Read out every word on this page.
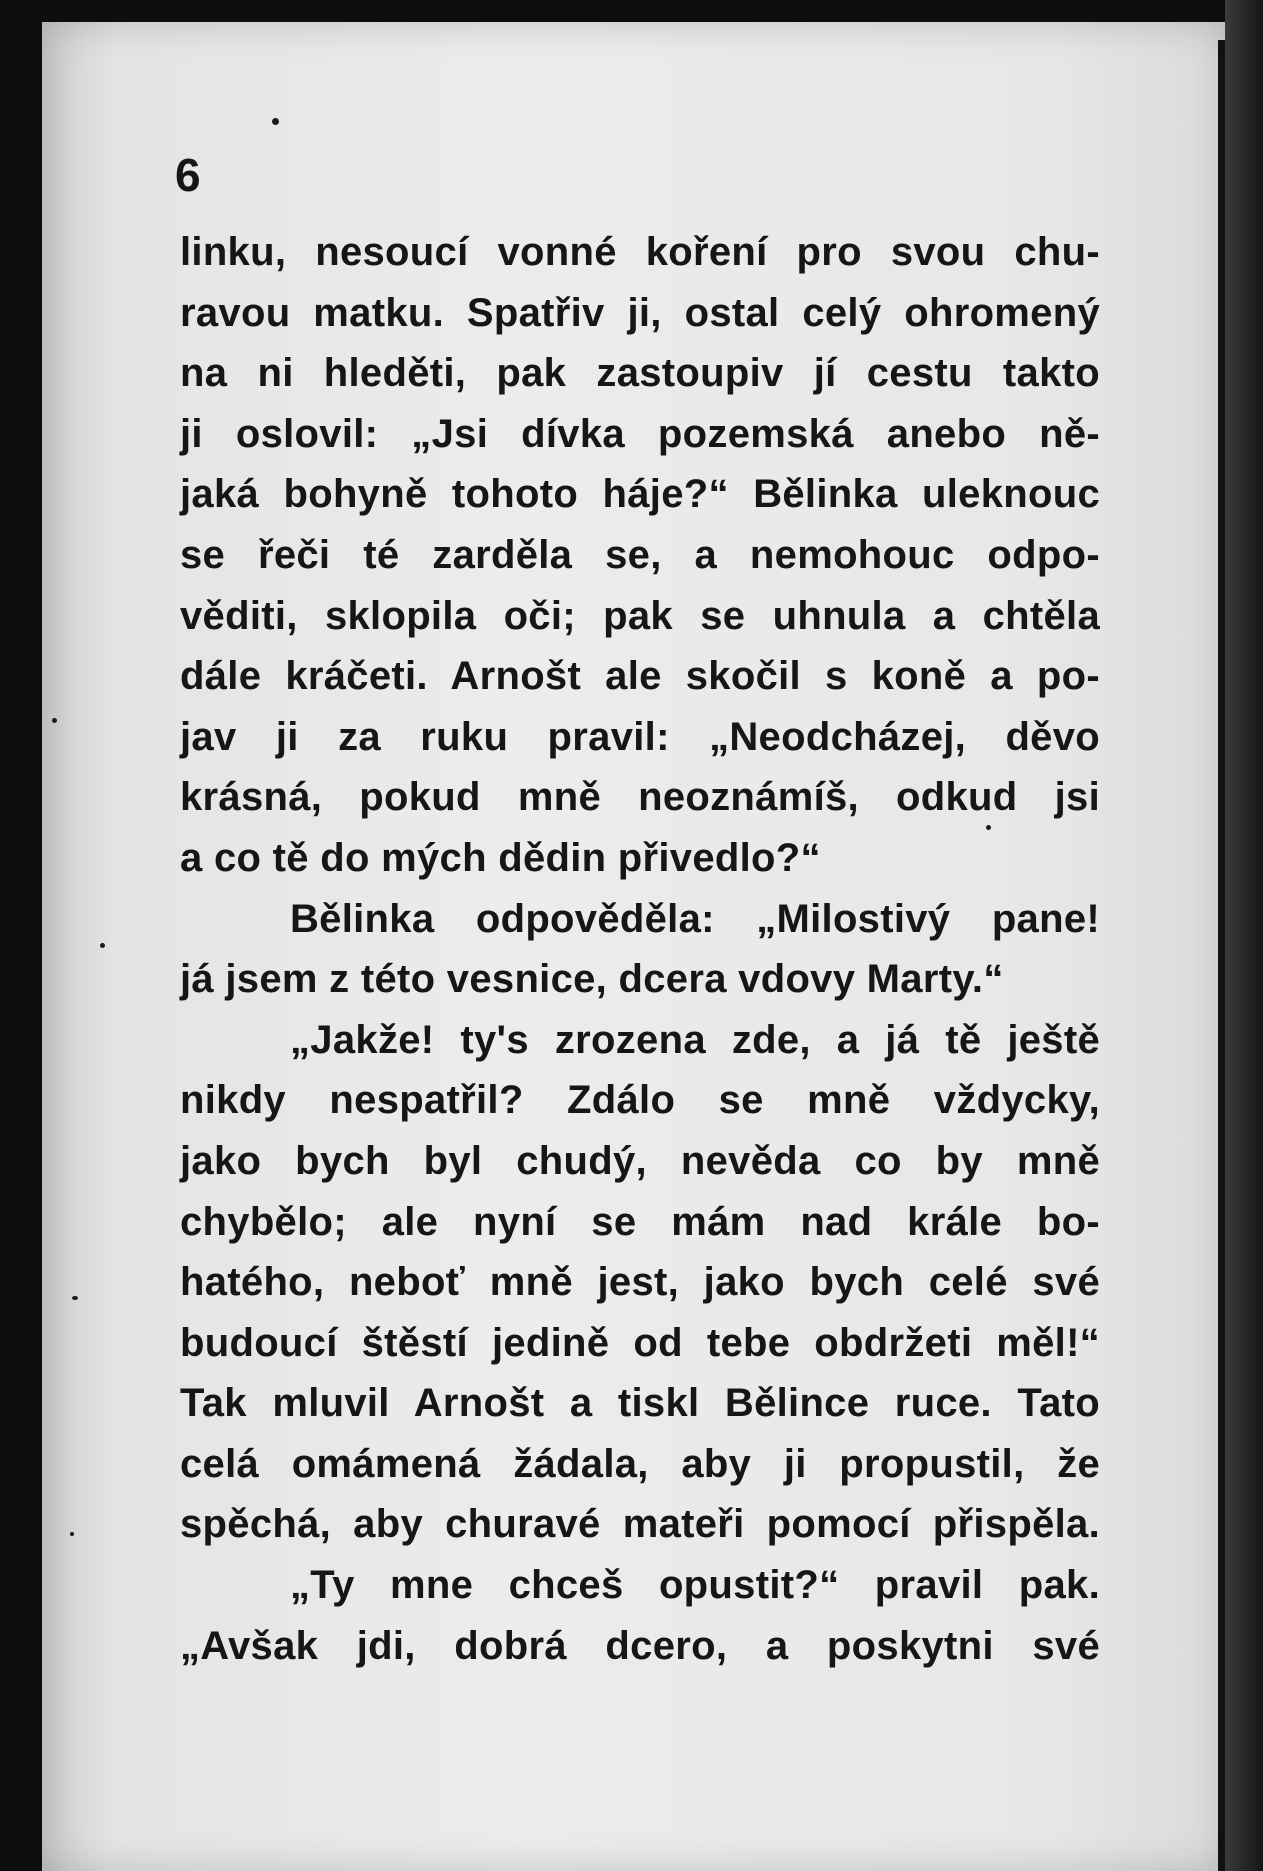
6
linku, nesoucí vonné koření pro svou chu-
ravou matku. Spatřiv ji, ostal celý ohromený
na ni hleděti, pak zastoupiv jí cestu takto
ji oslovil: „Jsi dívka pozemská anebo ně-
jaká bohyně tohoto háje?“ Bělinka uleknouc
se řeči té zarděla se, a nemohouc odpo-
věditi, sklopila oči; pak se uhnula a chtěla
dále kráčeti. Arnošt ale skočil s koně a po-
jav ji za ruku pravil: „Neodcházej, děvo
krásná, pokud mně neoznámíš, odkud jsi
a co tě do mých dědin přivedlo?“
Bělinka odpověděla: „Milostivý pane!
já jsem z této vesnice, dcera vdovy Marty.“
„Jakže! ty's zrozena zde, a já tě ještě
nikdy nespatřil? Zdálo se mně vždycky,
jako bych byl chudý, nevěda co by mně
chybělo; ale nyní se mám nad krále bo-
hatého, neboť mně jest, jako bych celé své
budoucí štěstí jedině od tebe obdržeti měl!“
Tak mluvil Arnošt a tiskl Bělince ruce. Tato
celá omámená žádala, aby ji propustil, že
spěchá, aby churavé mateři pomocí přispěla.
„Ty mne chceš opustit?“ pravil pak.
„Avšak jdi, dobrá dcero, a poskytni své
